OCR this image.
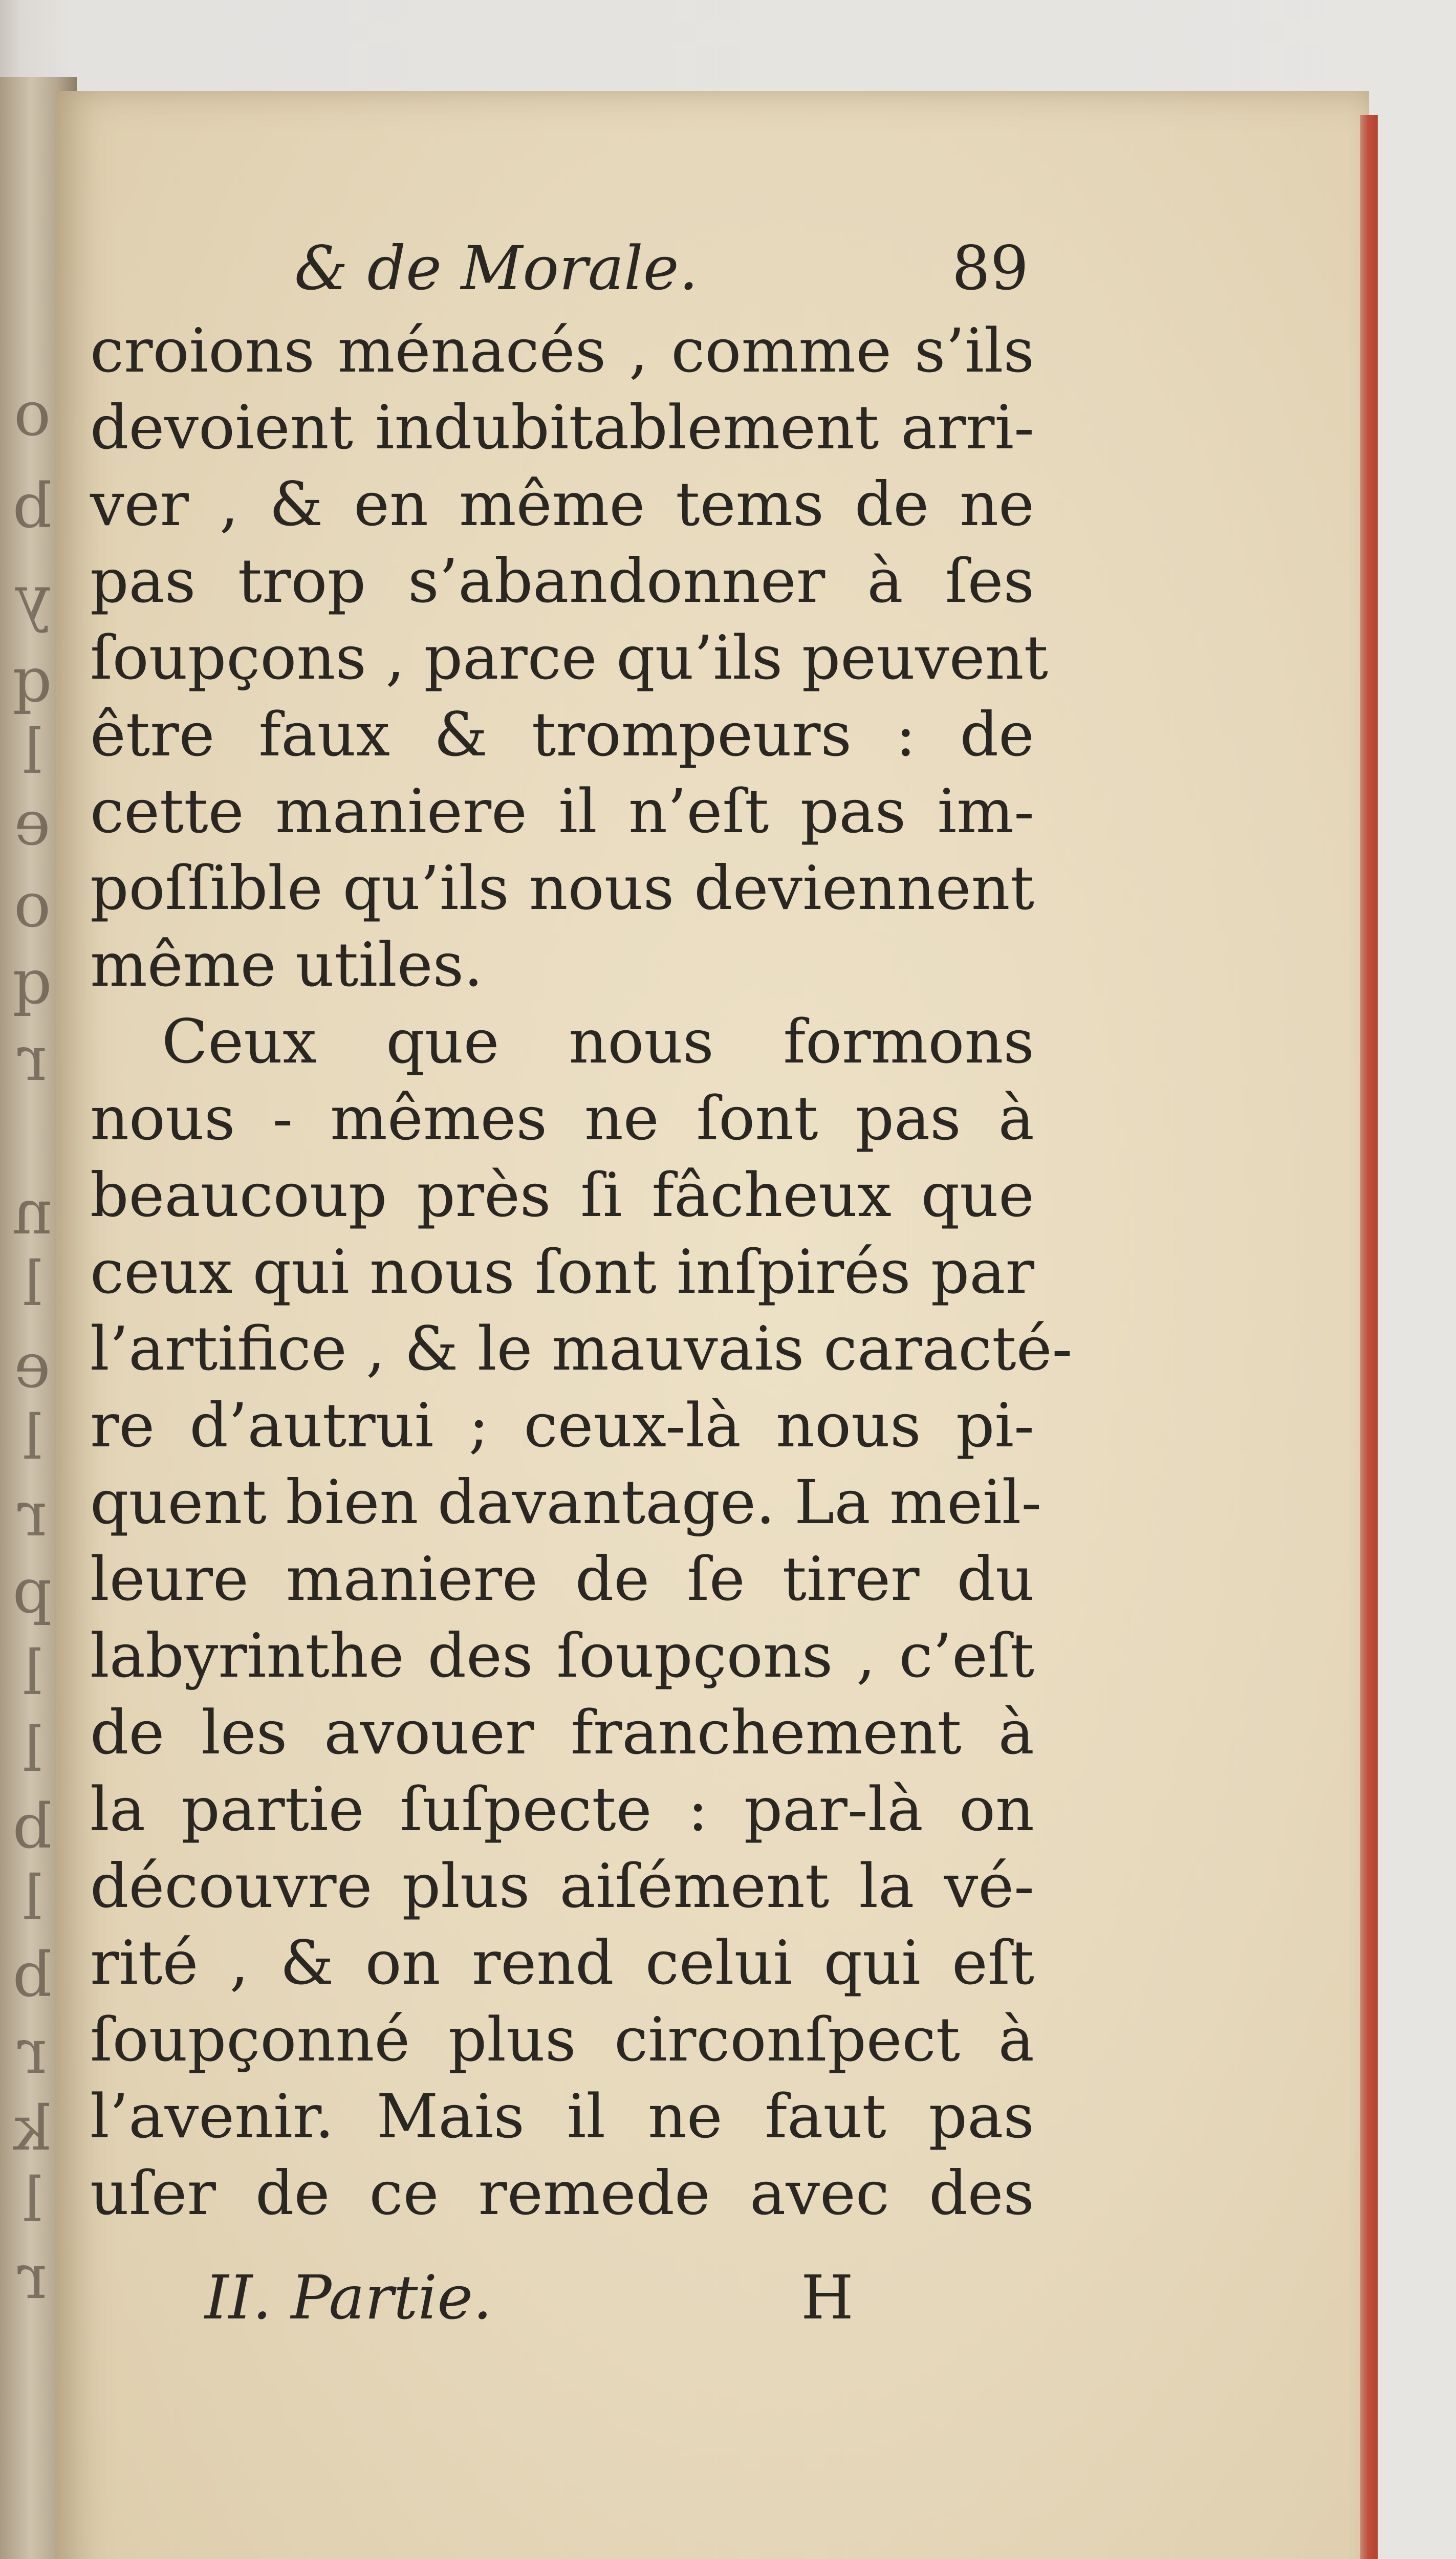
o
b
y
q
l
e
o
q
r
n
l
e
l
r
p
l
l
b
l
b
r
k
l
r
& de Morale.	89
croions ménacés , comme s’ils
devoient indubitablement arri-
ver , & en même tems de ne
pas trop s’abandonner à ſes
ſoupçons , parce qu’ils peuvent
être faux & trompeurs : de
cette maniere il n’eſt pas im-
poſſible qu’ils nous deviennent
même utiles.
Ceux que nous formons
nous - mêmes ne ſont pas à
beaucoup près ſi fâcheux que
ceux qui nous ſont inſpirés par
l’artifice , & le mauvais caracté-
re d’autrui ; ceux-là nous pi-
quent bien davantage. La meil-
leure maniere de ſe tirer du
labyrinthe des ſoupçons , c’eſt
de les avouer franchement à
la partie ſuſpecte : par-là on
découvre plus aiſément la vé-
rité , & on rend celui qui eſt
ſoupçonné plus circonſpect à
l’avenir. Mais il ne faut pas
uſer de ce remede avec des
II. Partie.	H
